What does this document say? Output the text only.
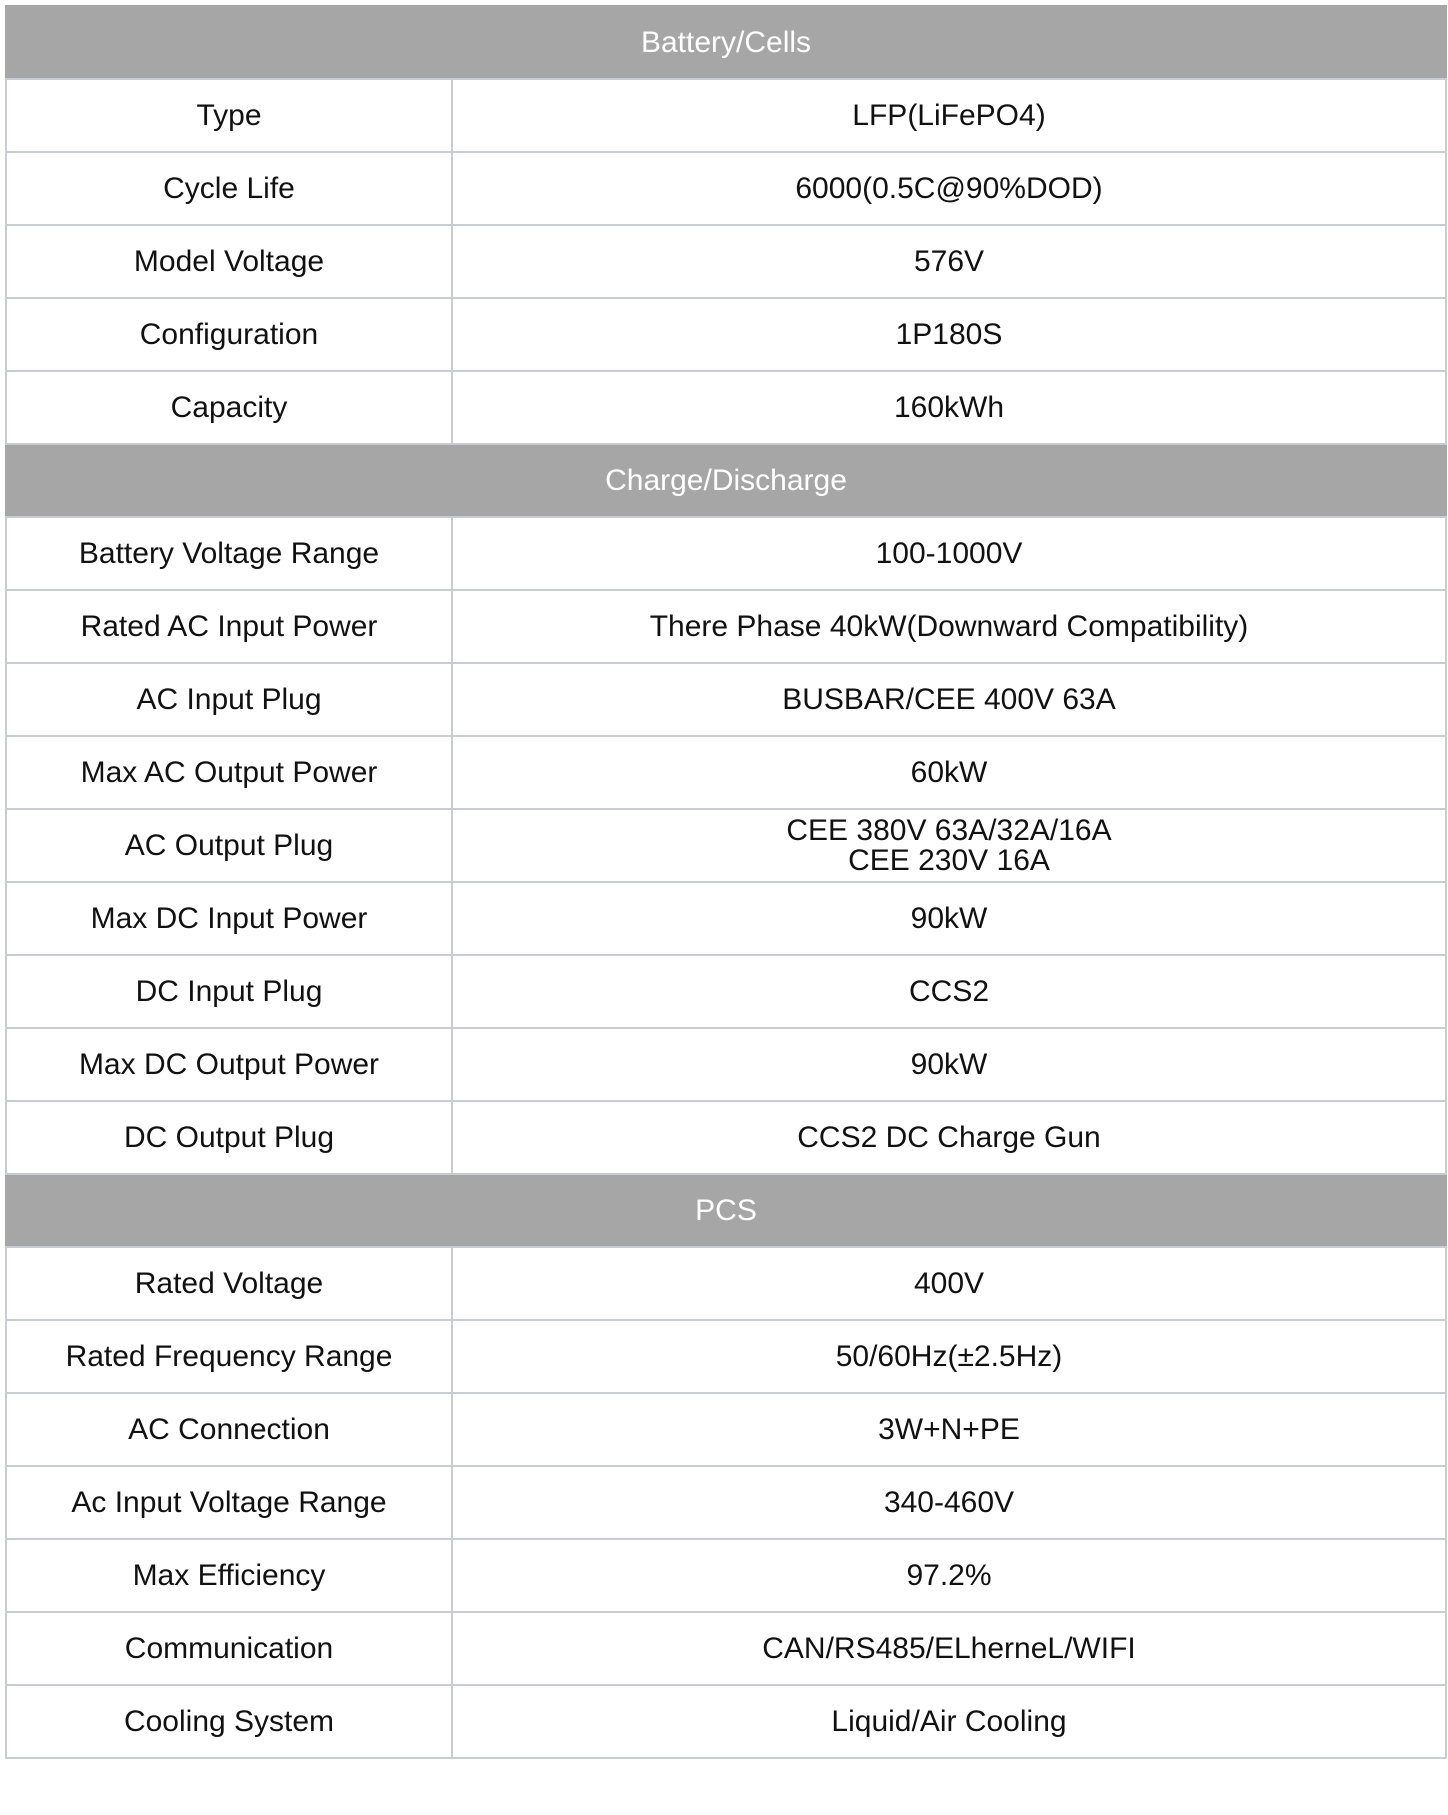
Battery/Cells	
Type	LFP(LiFePO4)
Cycle Life	6000(0.5C@90%DOD)
Model Voltage	576V
Configuration	1P180S
Capacity	160kWh
Charge/Discharge	
Battery Voltage Range	100-1000V
Rated AC Input Power	There Phase 40kW(Downward Compatibility)
AC Input Plug	BUSBAR/CEE 400V 63A
Max AC Output Power	60kW
AC Output Plug	CEE 380V 63A/32A/16A
CEE 230V 16A

Max DC Input Power	90kW
DC Input Plug	CCS2
Max DC Output Power	90kW
DC Output Plug	CCS2 DC Charge Gun
PCS	
Rated Voltage	400V
Rated Frequency Range	50/60Hz(±2.5Hz)
AC Connection	3W+N+PE
Ac Input Voltage Range	340-460V
Max Efficiency	97.2%
Communication	CAN/RS485/ELherneL/WIFI
Cooling System	Liquid/Air Cooling
